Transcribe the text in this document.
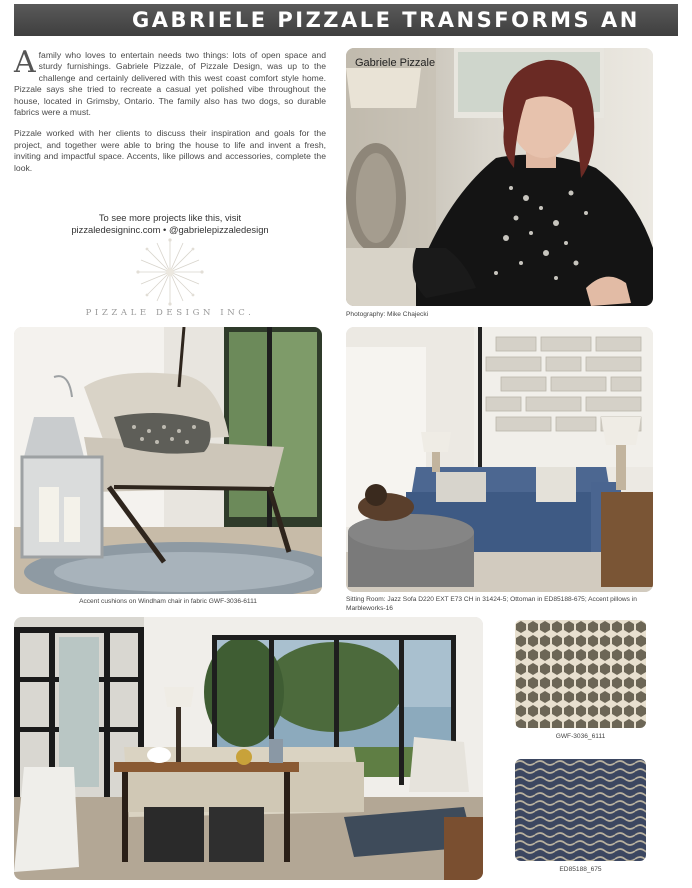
GABRIELE PIZZALE TRANSFORMS AN

Afamily who loves to entertain needs two things: lots of open space and sturdy furnishings. Gabriele Pizzale, of Pizzale Design, was up to the challenge and certainly delivered with this west coast comfort style home. Pizzale says she tried to recreate a casual yet polished vibe throughout the house, located in Grimsby, Ontario. The family also has two dogs, so durable fabrics were a must.

Pizzale worked with her clients to discuss their inspiration and goals for the project, and together were able to bring the house to life and invent a fresh, inviting and impactful space. Accents, like pillows and accessories, complete the look.

To see more projects like this, visit
pizzaledesigninc.com • @gabrielepizzaledesign
PIZZALE DESIGN INC.
Gabriele Pizzale
Photography: Mike Chajecki
Accent cushions on Windham chair in fabric GWF-3036-6111	Sitting Room: Jazz Sofa D220 EXT E73 CH in 31424-5; Ottoman in ED85188-675; Accent pillows in Marbleworks-16
GWF-3036_6111
ED85188_675
